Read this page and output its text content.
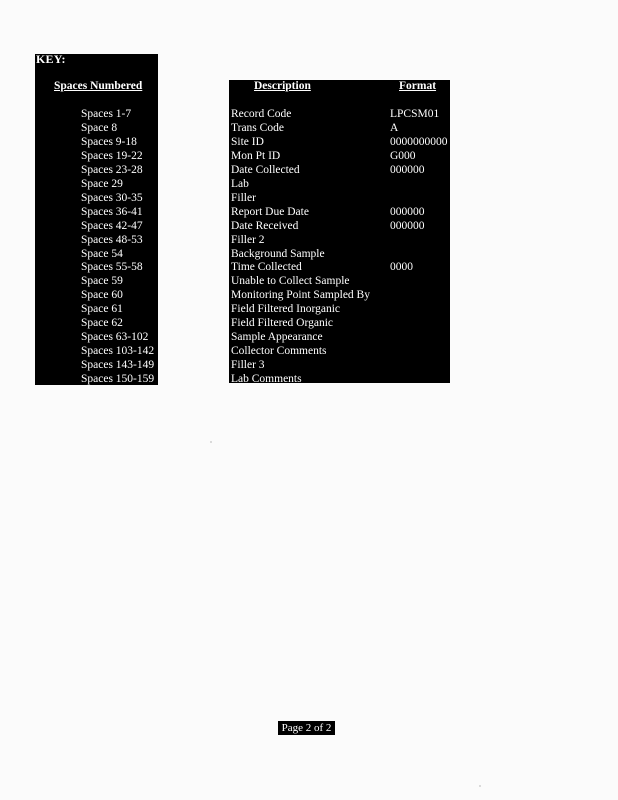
KEY:
Spaces Numbered	Description	Format
Spaces 1-7	Record Code	LPCSM01
Space 8	Trans Code	A
Spaces 9-18	Site ID	0000000000
Spaces 19-22	Mon Pt ID	G000
Spaces 23-28	Date Collected	000000
Space 29	Lab
Spaces 30-35	Filler
Spaces 36-41	Report Due Date	000000
Spaces 42-47	Date Received	000000
Spaces 48-53	Filler 2
Space 54	Background Sample
Spaces 55-58	Time Collected	0000
Space 59	Unable to Collect Sample
Space 60	Monitoring Point Sampled By
Space 61	Field Filtered Inorganic
Space 62	Field Filtered Organic
Spaces 63-102	Sample Appearance
Spaces 103-142	Collector Comments
Spaces 143-149	Filler 3
Spaces 150-159	Lab Comments
Page 2 of 2
